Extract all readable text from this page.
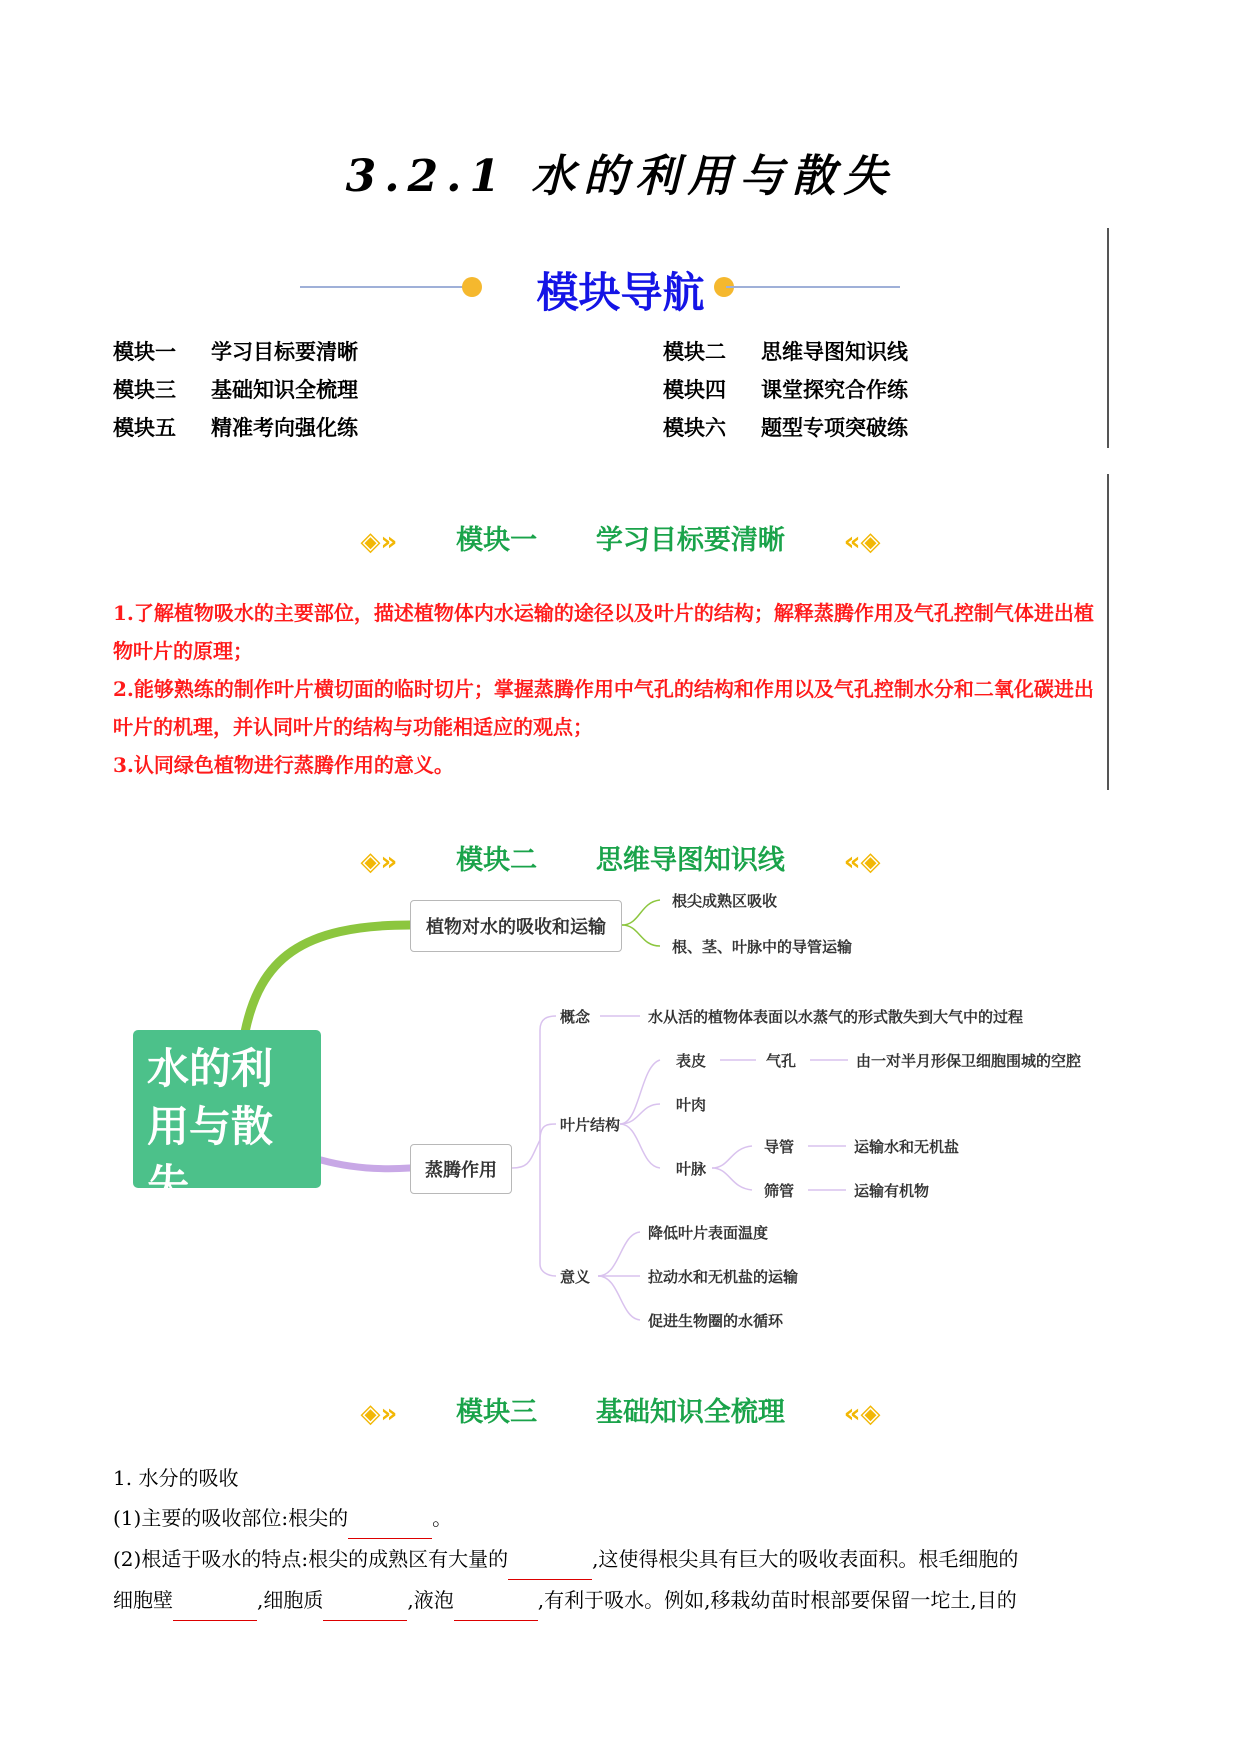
3.2.1 水的利用与散失
模块导航
模块一 学习目标要清晰	模块二 思维导图知识线
模块三 基础知识全梳理	模块四 课堂探究合作练
模块五 精准考向强化练	模块六 题型专项突破练
◈» 模块一 学习目标要清晰 «◈
1.了解植物吸水的主要部位，描述植物体内水运输的途径以及叶片的结构；解释蒸腾作用及气孔控制气体进出植物叶片的原理；
2.能够熟练的制作叶片横切面的临时切片；掌握蒸腾作用中气孔的结构和作用以及气孔控制水分和二氧化碳进出叶片的机理，并认同叶片的结构与功能相适应的观点；
3.认同绿色植物进行蒸腾作用的意义。
◈» 模块二 思维导图知识线 «◈
水的利用与散失
植物对水的吸收和运输
根尖成熟区吸收
根、茎、叶脉中的导管运输
蒸腾作用
概念	水从活的植物体表面以水蒸气的形式散失到大气中的过程
叶片结构
表皮	气孔	由一对半月形保卫细胞围城的空腔
叶肉
叶脉
导管	运输水和无机盐
筛管	运输有机物
意义
降低叶片表面温度
拉动水和无机盐的运输
促进生物圈的水循环
◈» 模块三 基础知识全梳理 «◈
1. 水分的吸收
(1)主要的吸收部位:根尖的	。
(2)根适于吸水的特点:根尖的成熟区有大量的	,这使得根尖具有巨大的吸收表面积。根毛细胞的
细胞壁	,细胞质	,液泡	,有利于吸水。例如,移栽幼苗时根部要保留一坨土,目的
